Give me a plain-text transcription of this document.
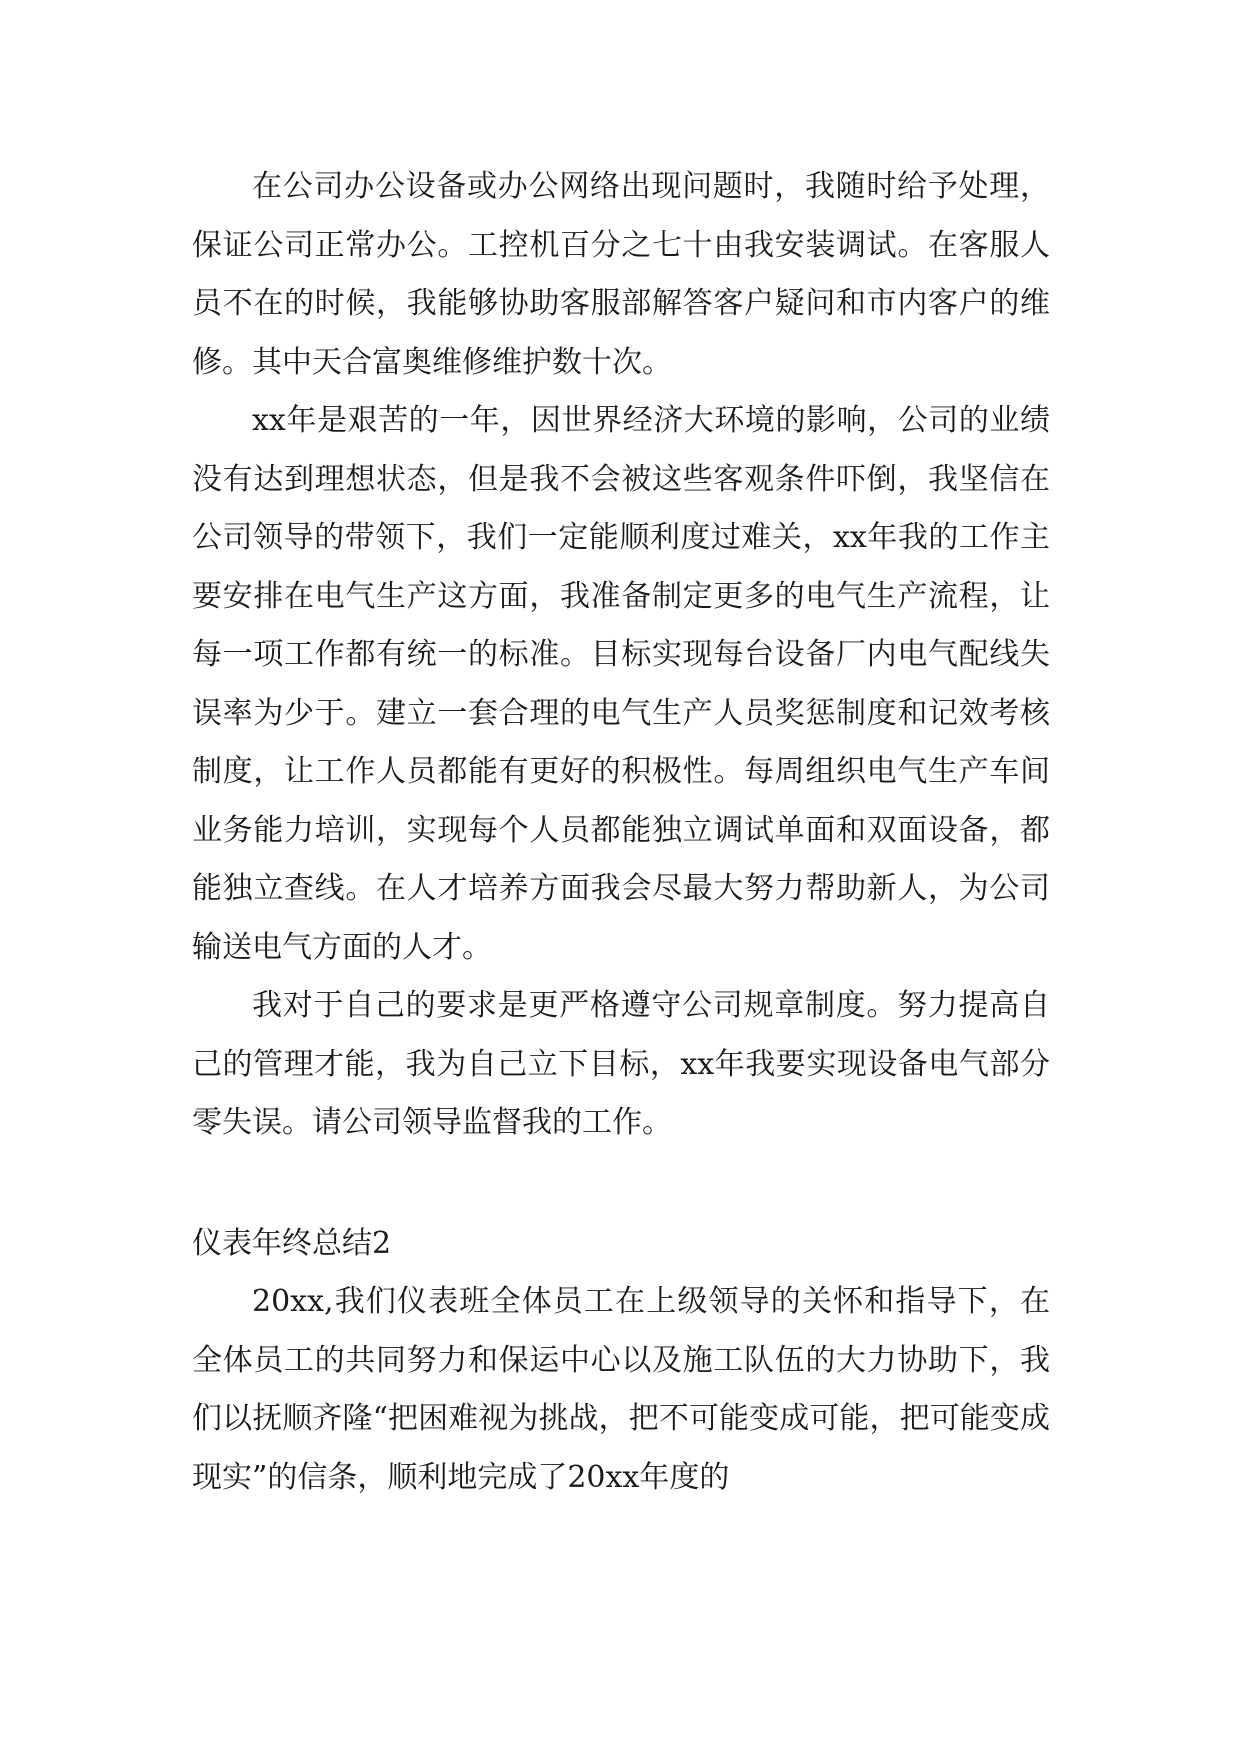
在公司办公设备或办公网络出现问题时，我随时给予处理，保证公司正常办公。工控机百分之七十由我安装调试。在客服人员不在的时候，我能够协助客服部解答客户疑问和市内客户的维修。其中天合富奥维修维护数十次。

xx年是艰苦的一年，因世界经济大环境的影响，公司的业绩没有达到理想状态，但是我不会被这些客观条件吓倒，我坚信在公司领导的带领下，我们一定能顺利度过难关，xx年我的工作主要安排在电气生产这方面，我准备制定更多的电气生产流程，让每一项工作都有统一的标准。目标实现每台设备厂内电气配线失误率为少于。建立一套合理的电气生产人员奖惩制度和记效考核制度，让工作人员都能有更好的积极性。每周组织电气生产车间业务能力培训，实现每个人员都能独立调试单面和双面设备，都能独立查线。在人才培养方面我会尽最大努力帮助新人，为公司输送电气方面的人才。

我对于自己的要求是更严格遵守公司规章制度。努力提高自己的管理才能，我为自己立下目标，xx年我要实现设备电气部分零失误。请公司领导监督我的工作。

仪表年终总结2

20xx,我们仪表班全体员工在上级领导的关怀和指导下，在全体员工的共同努力和保运中心以及施工队伍的大力协助下，我们以抚顺齐隆“把困难视为挑战，把不可能变成可能，把可能变成现实”的信条，顺利地完成了20xx年度的
